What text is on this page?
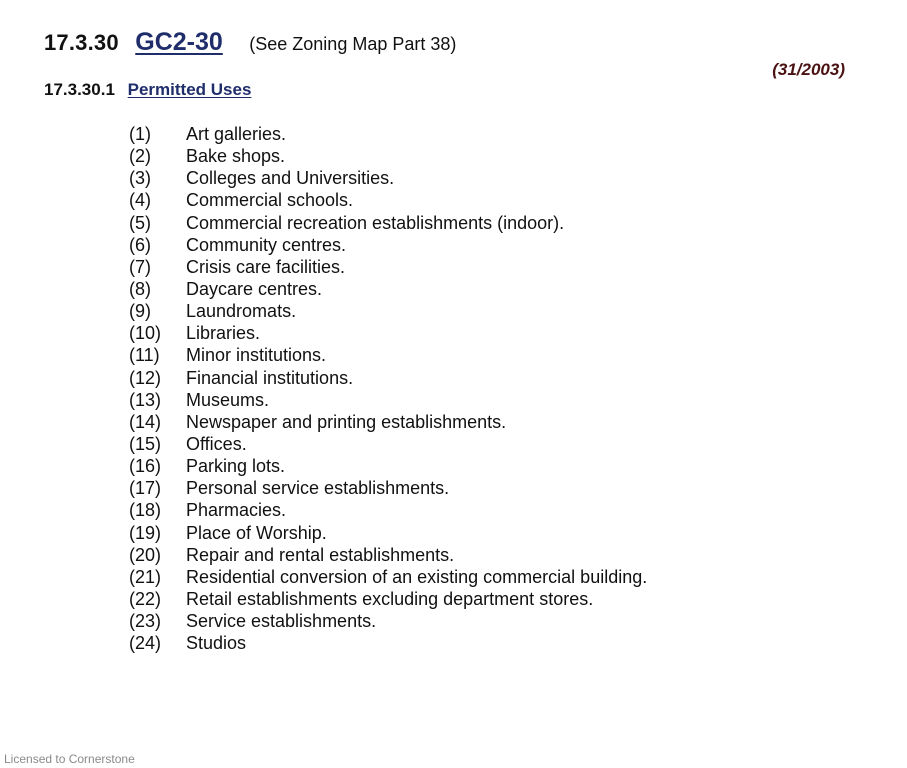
17.3.30 GC2-30 (See Zoning Map Part 38)
(31/2003)
17.3.30.1 Permitted Uses
(1) Art galleries.
(2) Bake shops.
(3) Colleges and Universities.
(4) Commercial schools.
(5) Commercial recreation establishments (indoor).
(6) Community centres.
(7) Crisis care facilities.
(8) Daycare centres.
(9) Laundromats.
(10) Libraries.
(11) Minor institutions.
(12) Financial institutions.
(13) Museums.
(14) Newspaper and printing establishments.
(15) Offices.
(16) Parking lots.
(17) Personal service establishments.
(18) Pharmacies.
(19) Place of Worship.
(20) Repair and rental establishments.
(21) Residential conversion of an existing commercial building.
(22) Retail establishments excluding department stores.
(23) Service establishments.
(24) Studios
Licensed to Cornerstone
